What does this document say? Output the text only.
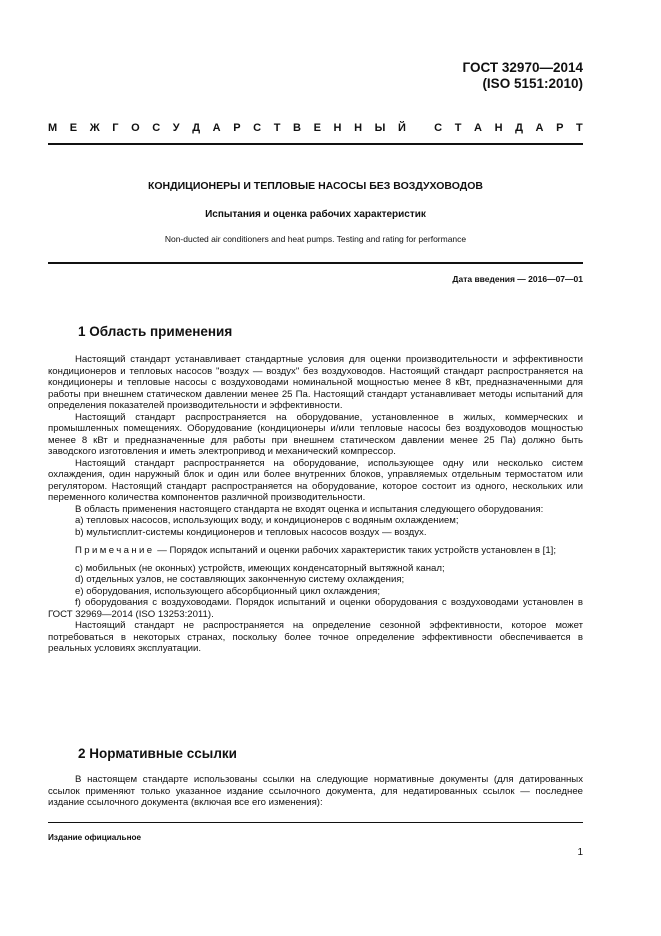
ГОСТ 32970—2014
(ISO 5151:2010)
М Е Ж Г О С У Д А Р С Т В Е Н Н Ы Й
	С Т А Н Д А Р Т
КОНДИЦИОНЕРЫ И ТЕПЛОВЫЕ НАСОСЫ БЕЗ ВОЗДУХОВОДОВ
Испытания и оценка рабочих характеристик
Non-ducted air conditioners and heat pumps. Testing and rating for performance
Дата введения — 2016—07—01
1 Область применения

Настоящий стандарт устанавливает стандартные условия для оценки производительности и эффективности кондиционеров и тепловых насосов "воздух — воздух" без воздуховодов. Настоящий стандарт распространяется на кондиционеры и тепловые насосы с воздуховодами номинальной мощностью менее 8 кВт, предназначенными для работы при внешнем статическом давлении менее 25 Па. Настоящий стандарт устанавливает методы испытаний для определения показателей производительности и эффективности.

Настоящий стандарт распространяется на оборудование, установленное в жилых, коммерческих и промышленных помещениях. Оборудование (кондиционеры и/или тепловые насосы без воздуховодов мощностью менее 8 кВт и предназначенные для работы при внешнем статическом давлении менее 25 Па) должно быть заводского изготовления и иметь электропривод и механический компрессор.

Настоящий стандарт распространяется на оборудование, использующее одну или несколько систем охлаждения, один наружный блок и один или более внутренних блоков, управляемых отдельным термостатом или регулятором. Настоящий стандарт распространяется на оборудование, которое состоит из одного, нескольких или переменного количества компонентов различной производительности.

В область применения настоящего стандарта не входят оценка и испытания следующего оборудования:

a) тепловых насосов, использующих воду, и кондиционеров с водяным охлаждением;

b) мультисплит-системы кондиционеров и тепловых насосов воздух — воздух.

Примечание — Порядок испытаний и оценки рабочих характеристик таких устройств установлен в [1];

c) мобильных (не оконных) устройств, имеющих конденсаторный вытяжной канал;

d) отдельных узлов, не составляющих законченную систему охлаждения;

e) оборудования, использующего абсорбционный цикл охлаждения;

f) оборудования с воздуховодами. Порядок испытаний и оценки оборудования с воздуховодами установлен в ГОСТ 32969—2014 (ISO 13253:2011).

Настоящий стандарт не распространяется на определение сезонной эффективности, которое может потребоваться в некоторых странах, поскольку более точное определение эффективности обеспечивается в реальных условиях эксплуатации.

2 Нормативные ссылки

В настоящем стандарте использованы ссылки на следующие нормативные документы (для датированных ссылок применяют только указанное издание ссылочного документа, для недатированных ссылок — последнее издание ссылочного документа (включая все его изменения):

Издание официальное
1
